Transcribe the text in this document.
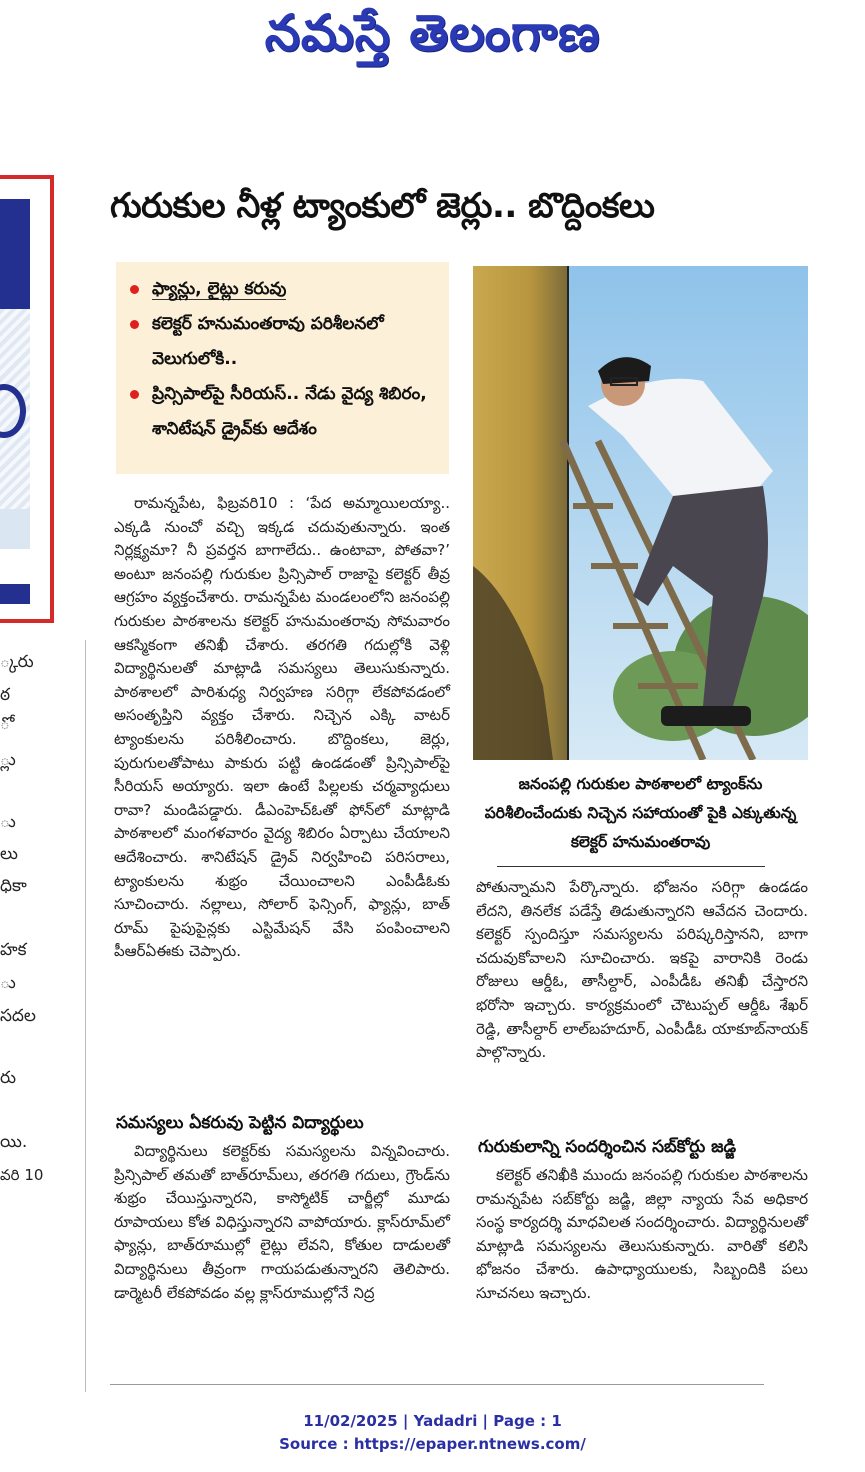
నమస్తే తెలంగాణ
్కరు
ఠ
ో
్లు
ు
లు
ధికా
హక
ు
సదల
రు
యి.
వరి 10
గురుకుల నీళ్ల ట్యాంకులో జెర్లు.. బొద్దింకలు
ఫ్యాన్లు, లైట్లు కరువు
కలెక్టర్ హనుమంతరావు పరిశీలనలో వెలుగులోకి..
ప్రిన్సిపాల్‌పై సీరియస్.. నేడు వైద్య శిబిరం, శానిటేషన్ డ్రైవ్‌కు ఆదేశం
జనంపల్లి గురుకుల పాఠశాలలో ట్యాంక్‌ను పరిశీలించేందుకు నిచ్చెన సహాయంతో పైకి ఎక్కుతున్న కలెక్టర్ హనుమంతరావు

రామన్నపేట, ఫిబ్రవరి10 : ‘పేద అమ్మాయిలయ్యా.. ఎక్కడి నుంచో వచ్చి ఇక్కడ చదువుతున్నారు. ఇంత నిర్లక్ష్యమా? నీ ప్రవర్తన బాగాలేదు.. ఉంటావా, పోతవా?’ అంటూ జనంపల్లి గురుకుల ప్రిన్సిపాల్ రాజాపై కలెక్టర్ తీవ్ర ఆగ్రహం వ్యక్తంచేశారు. రామన్నపేట మండలంలోని జనంపల్లి గురుకుల పాఠశాలను కలెక్టర్ హనుమంతరావు సోమవారం ఆకస్మికంగా తనిఖీ చేశారు. తరగతి గదుల్లోకి వెళ్లి విద్యార్థినులతో మాట్లాడి సమస్యలు తెలుసుకున్నారు. పాఠశాలలో పారిశుధ్య నిర్వహణ సరిగ్గా లేకపోవడంలో అసంతృప్తిని వ్యక్తం చేశారు. నిచ్చెన ఎక్కి వాటర్ ట్యాంకులను పరిశీలించారు. బొద్దింకలు, జెర్లు, పురుగులతోపాటు పాకురు పట్టి ఉండడంతో ప్రిన్సిపాల్‌పై సీరియస్ అయ్యారు. ఇలా ఉంటే పిల్లలకు చర్మవ్యాధులు రావా? మండిపడ్డారు. డీఎంహెచ్‌ఓతో ఫోన్‌లో మాట్లాడి పాఠశాలలో మంగళవారం వైద్య శిబిరం ఏర్పాటు చేయాలని ఆదేశించారు. శానిటేషన్ డ్రైవ్ నిర్వహించి పరిసరాలు, ట్యాంకులను శుభ్రం చేయించాలని ఎంపీడీఓకు సూచించారు. నల్లాలు, సోలార్ ఫెన్సింగ్, ఫ్యాన్లు, బాత్ రూమ్ పైపుపైన్లకు ఎస్టిమేషన్ వేసి పంపించాలని పీఆర్ఏఈకు చెప్పారు.

సమస్యలు ఏకరువు పెట్టిన విద్యార్థులు

విద్యార్థినులు కలెక్టర్‌కు సమస్యలను విన్నవించారు. ప్రిన్సిపాల్ తమతో బాత్‌రూమ్‌లు, తరగతి గదులు, గ్రౌండ్‌ను శుభ్రం చేయిస్తున్నారని, కాస్మోటిక్ చార్జీల్లో మూడు రూపాయలు కోత విధిస్తున్నారని వాపోయారు. క్లాస్‌రూమ్‌లో ఫ్యాన్లు, బాత్‌రూముల్లో లైట్లు లేవని, కోతుల దాడులతో విద్యార్థినులు తీవ్రంగా గాయపడుతున్నారని తెలిపారు. డార్మెటరీ లేకపోవడం వల్ల క్లాస్‌రూముల్లోనే నిద్ర

పోతున్నామని పేర్కొన్నారు. భోజనం సరిగ్గా ఉండడం లేదని, తినలేక పడేస్తే తిడుతున్నారని ఆవేదన చెందారు. కలెక్టర్ స్పందిస్తూ సమస్యలను పరిష్కరిస్తానని, బాగా చదువుకోవాలని సూచించారు. ఇకపై వారానికి రెండు రోజులు ఆర్డీఓ, తాసీల్దార్, ఎంపీడీఓ తనిఖీ చేస్తారని భరోసా ఇచ్చారు. కార్యక్రమంలో చౌటుప్పల్ ఆర్డీఓ శేఖర్ రెడ్డి, తాసీల్దార్ లాల్‌బహదూర్, ఎంపీడీఓ యాకూబ్‌నాయక్ పాల్గొన్నారు.

గురుకులాన్ని సందర్శించిన సబ్‌కోర్టు జడ్జి

కలెక్టర్ తనిఖీకి ముందు జనంపల్లి గురుకుల పాఠశాలను రామన్నపేట సబ్‌కోర్టు జడ్జి, జిల్లా న్యాయ సేవ అధికార సంస్థ కార్యదర్శి మాధవిలత సందర్శించారు. విద్యార్థినులతో మాట్లాడి సమస్యలను తెలుసుకున్నారు. వారితో కలిసి భోజనం చేశారు. ఉపాధ్యాయులకు, సిబ్బందికి పలు సూచనలు ఇచ్చారు.

11/02/2025 | Yadadri | Page : 1
Source : https://epaper.ntnews.com/
